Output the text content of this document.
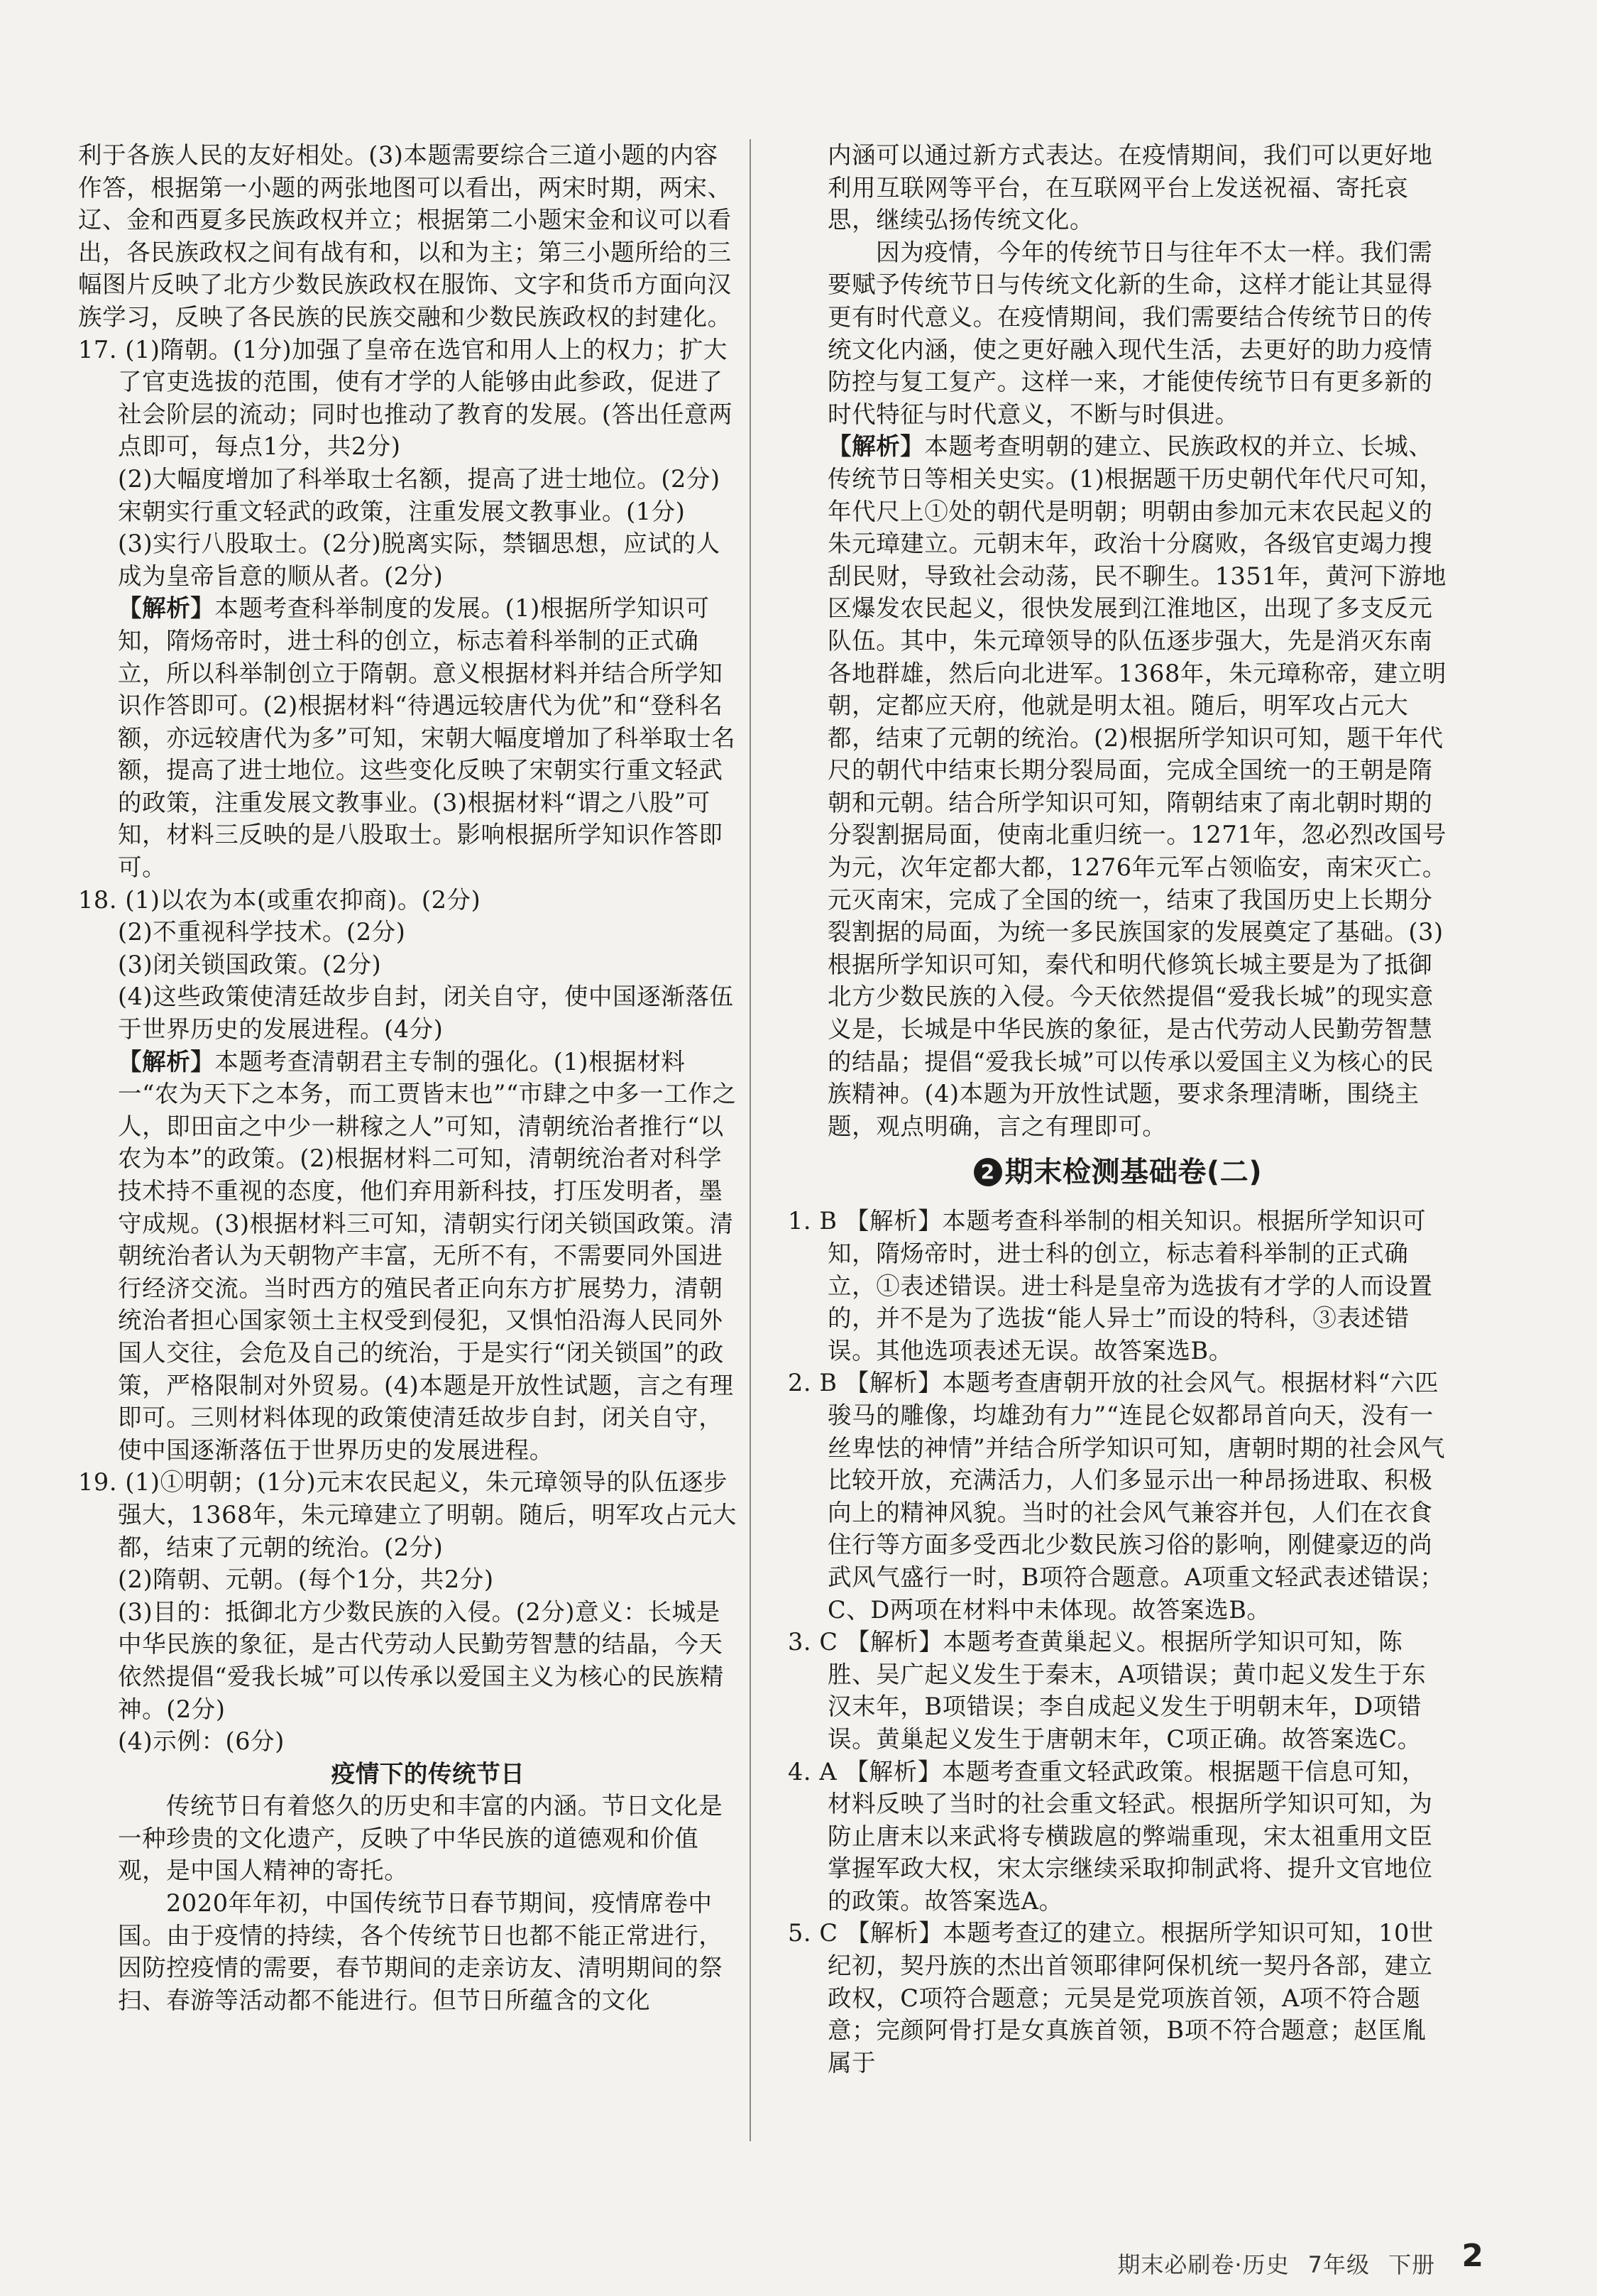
利于各族人民的友好相处。(3)本题需要综合三道小题的内容作答，根据第一小题的两张地图可以看出，两宋时期，两宋、辽、金和西夏多民族政权并立；根据第二小题宋金和议可以看出，各民族政权之间有战有和，以和为主；第三小题所给的三幅图片反映了北方少数民族政权在服饰、文字和货币方面向汉族学习，反映了各民族的民族交融和少数民族政权的封建化。

17. (1)隋朝。(1分)加强了皇帝在选官和用人上的权力；扩大了官吏选拔的范围，使有才学的人能够由此参政，促进了社会阶层的流动；同时也推动了教育的发展。(答出任意两点即可，每点1分，共2分)

(2)大幅度增加了科举取士名额，提高了进士地位。(2分)宋朝实行重文轻武的政策，注重发展文教事业。(1分)

(3)实行八股取士。(2分)脱离实际，禁锢思想，应试的人成为皇帝旨意的顺从者。(2分)

【解析】本题考查科举制度的发展。(1)根据所学知识可知，隋炀帝时，进士科的创立，标志着科举制的正式确立，所以科举制创立于隋朝。意义根据材料并结合所学知识作答即可。(2)根据材料“待遇远较唐代为优”和“登科名额，亦远较唐代为多”可知，宋朝大幅度增加了科举取士名额，提高了进士地位。这些变化反映了宋朝实行重文轻武的政策，注重发展文教事业。(3)根据材料“谓之八股”可知，材料三反映的是八股取士。影响根据所学知识作答即可。

18. (1)以农为本(或重农抑商)。(2分)

(2)不重视科学技术。(2分)

(3)闭关锁国政策。(2分)

(4)这些政策使清廷故步自封，闭关自守，使中国逐渐落伍于世界历史的发展进程。(4分)

【解析】本题考查清朝君主专制的强化。(1)根据材料一“农为天下之本务，而工贾皆末也”“市肆之中多一工作之人，即田亩之中少一耕稼之人”可知，清朝统治者推行“以农为本”的政策。(2)根据材料二可知，清朝统治者对科学技术持不重视的态度，他们弃用新科技，打压发明者，墨守成规。(3)根据材料三可知，清朝实行闭关锁国政策。清朝统治者认为天朝物产丰富，无所不有，不需要同外国进行经济交流。当时西方的殖民者正向东方扩展势力，清朝统治者担心国家领土主权受到侵犯，又惧怕沿海人民同外国人交往，会危及自己的统治，于是实行“闭关锁国”的政策，严格限制对外贸易。(4)本题是开放性试题，言之有理即可。三则材料体现的政策使清廷故步自封，闭关自守，使中国逐渐落伍于世界历史的发展进程。

19. (1)①明朝；(1分)元末农民起义，朱元璋领导的队伍逐步强大，1368年，朱元璋建立了明朝。随后，明军攻占元大都，结束了元朝的统治。(2分)

(2)隋朝、元朝。(每个1分，共2分)

(3)目的：抵御北方少数民族的入侵。(2分)意义：长城是中华民族的象征，是古代劳动人民勤劳智慧的结晶，今天依然提倡“爱我长城”可以传承以爱国主义为核心的民族精神。(2分)

(4)示例：(6分)

疫情下的传统节日

传统节日有着悠久的历史和丰富的内涵。节日文化是一种珍贵的文化遗产，反映了中华民族的道德观和价值观，是中国人精神的寄托。

2020年年初，中国传统节日春节期间，疫情席卷中国。由于疫情的持续，各个传统节日也都不能正常进行，因防控疫情的需要，春节期间的走亲访友、清明期间的祭扫、春游等活动都不能进行。但节日所蕴含的文化

内涵可以通过新方式表达。在疫情期间，我们可以更好地利用互联网等平台，在互联网平台上发送祝福、寄托哀思，继续弘扬传统文化。

因为疫情，今年的传统节日与往年不太一样。我们需要赋予传统节日与传统文化新的生命，这样才能让其显得更有时代意义。在疫情期间，我们需要结合传统节日的传统文化内涵，使之更好融入现代生活，去更好的助力疫情防控与复工复产。这样一来，才能使传统节日有更多新的时代特征与时代意义，不断与时俱进。

【解析】本题考查明朝的建立、民族政权的并立、长城、传统节日等相关史实。(1)根据题干历史朝代年代尺可知，年代尺上①处的朝代是明朝；明朝由参加元末农民起义的朱元璋建立。元朝末年，政治十分腐败，各级官吏竭力搜刮民财，导致社会动荡，民不聊生。1351年，黄河下游地区爆发农民起义，很快发展到江淮地区，出现了多支反元队伍。其中，朱元璋领导的队伍逐步强大，先是消灭东南各地群雄，然后向北进军。1368年，朱元璋称帝，建立明朝，定都应天府，他就是明太祖。随后，明军攻占元大都，结束了元朝的统治。(2)根据所学知识可知，题干年代尺的朝代中结束长期分裂局面，完成全国统一的王朝是隋朝和元朝。结合所学知识可知，隋朝结束了南北朝时期的分裂割据局面，使南北重归统一。1271年，忽必烈改国号为元，次年定都大都，1276年元军占领临安，南宋灭亡。元灭南宋，完成了全国的统一，结束了我国历史上长期分裂割据的局面，为统一多民族国家的发展奠定了基础。(3)根据所学知识可知，秦代和明代修筑长城主要是为了抵御北方少数民族的入侵。今天依然提倡“爱我长城”的现实意义是，长城是中华民族的象征，是古代劳动人民勤劳智慧的结晶；提倡“爱我长城”可以传承以爱国主义为核心的民族精神。(4)本题为开放性试题，要求条理清晰，围绕主题，观点明确，言之有理即可。

2 期末检测基础卷(二)

1. B 【解析】本题考查科举制的相关知识。根据所学知识可知，隋炀帝时，进士科的创立，标志着科举制的正式确立，①表述错误。进士科是皇帝为选拔有才学的人而设置的，并不是为了选拔“能人异士”而设的特科，③表述错误。其他选项表述无误。故答案选B。

2. B 【解析】本题考查唐朝开放的社会风气。根据材料“六匹骏马的雕像，均雄劲有力”“连昆仑奴都昂首向天，没有一丝卑怯的神情”并结合所学知识可知，唐朝时期的社会风气比较开放，充满活力，人们多显示出一种昂扬进取、积极向上的精神风貌。当时的社会风气兼容并包，人们在衣食住行等方面多受西北少数民族习俗的影响，刚健豪迈的尚武风气盛行一时，B项符合题意。A项重文轻武表述错误；C、D两项在材料中未体现。故答案选B。

3. C 【解析】本题考查黄巢起义。根据所学知识可知，陈胜、吴广起义发生于秦末，A项错误；黄巾起义发生于东汉末年，B项错误；李自成起义发生于明朝末年，D项错误。黄巢起义发生于唐朝末年，C项正确。故答案选C。

4. A 【解析】本题考查重文轻武政策。根据题干信息可知，材料反映了当时的社会重文轻武。根据所学知识可知，为防止唐末以来武将专横跋扈的弊端重现，宋太祖重用文臣掌握军政大权，宋太宗继续采取抑制武将、提升文官地位的政策。故答案选A。

5. C 【解析】本题考查辽的建立。根据所学知识可知，10世纪初，契丹族的杰出首领耶律阿保机统一契丹各部，建立政权，C项符合题意；元昊是党项族首领，A项不符合题意；完颜阿骨打是女真族首领，B项不符合题意；赵匡胤属于

期末必刷卷·历史 7年级 下册 2
